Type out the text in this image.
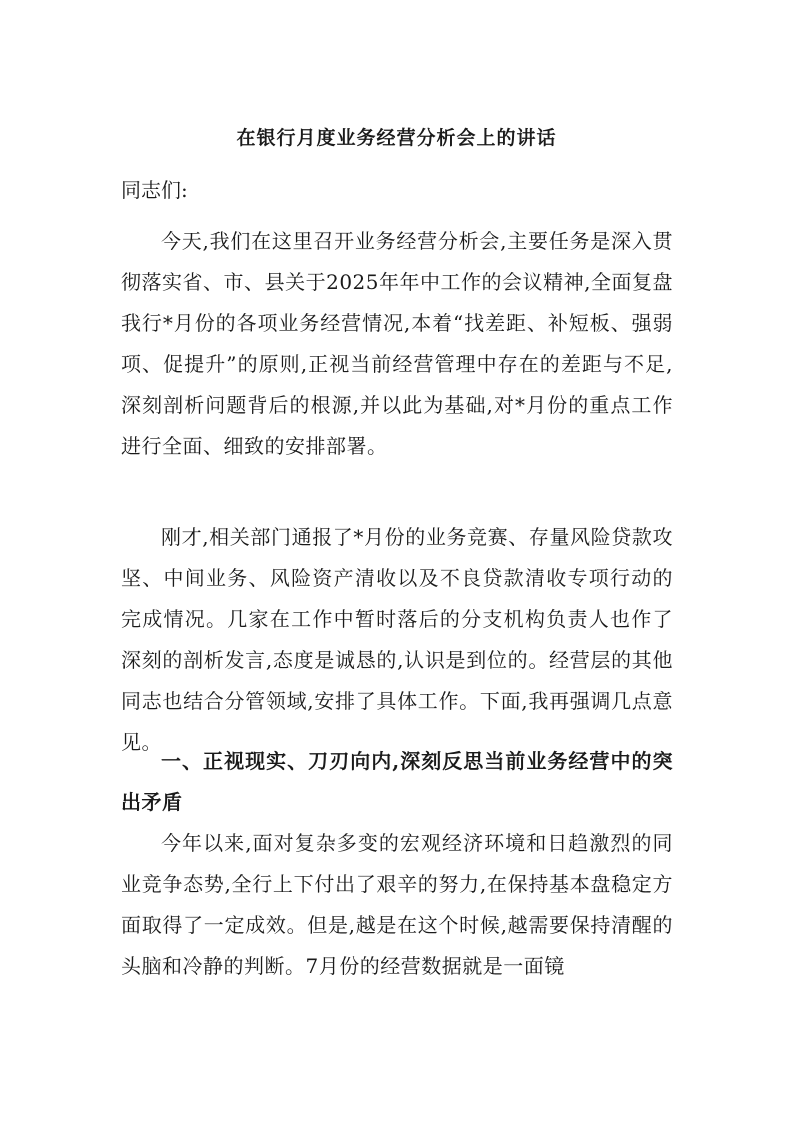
在银行月度业务经营分析会上的讲话

同志们:

今天,我们在这里召开业务经营分析会,主要任务是深入贯彻落实省、市、县关于2025年年中工作的会议精神,全面复盘我行*月份的各项业务经营情况,本着“找差距、补短板、强弱项、促提升”的原则,正视当前经营管理中存在的差距与不足,深刻剖析问题背后的根源,并以此为基础,对*月份的重点工作进行全面、细致的安排部署。

刚才,相关部门通报了*月份的业务竞赛、存量风险贷款攻坚、中间业务、风险资产清收以及不良贷款清收专项行动的完成情况。几家在工作中暂时落后的分支机构负责人也作了深刻的剖析发言,态度是诚恳的,认识是到位的。经营层的其他同志也结合分管领域,安排了具体工作。下面,我再强调几点意见。

一、正视现实、刀刃向内,深刻反思当前业务经营中的突出矛盾

今年以来,面对复杂多变的宏观经济环境和日趋激烈的同业竞争态势,全行上下付出了艰辛的努力,在保持基本盘稳定方面取得了一定成效。但是,越是在这个时候,越需要保持清醒的头脑和冷静的判断。7月份的经营数据就是一面镜
